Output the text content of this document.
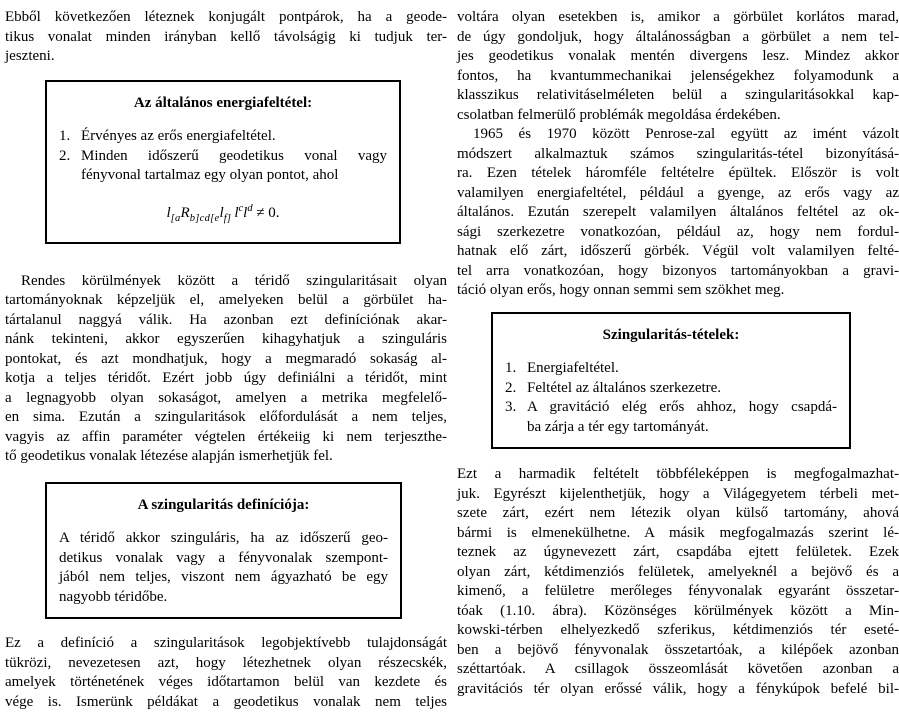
Ebből következően léteznek konjugált pontpárok, ha a geode-
tikus vonalat minden irányban kellő távolságig ki tudjuk ter-
jeszteni.
Az általános energiafeltétel:
1. Érvényes az erős energiafeltétel.
2. Minden időszerű geodetikus vonal vagy
fényvonal tartalmaz egy olyan pontot, ahol
$l_{[a}R_{b]cd[e}l_{f]}$  $l^cl^d \ne 0$.
Rendes körülmények között a téridő szingularitásait olyan
tartományoknak képzeljük el, amelyeken belül a görbület ha-
tártalanul naggyá válik. Ha azonban ezt definíciónak akar-
nánk tekinteni, akkor egyszerűen kihagyhatjuk a szinguláris
pontokat, és azt mondhatjuk, hogy a megmaradó sokaság al-
kotja a teljes téridőt. Ezért jobb úgy definiálni a téridőt, mint
a legnagyobb olyan sokaságot, amelyen a metrika megfelelő-
en sima. Ezután a szingularitások előfordulását a nem teljes,
vagyis az affin paraméter végtelen értékeiig ki nem terjeszthe-
tő geodetikus vonalak létezése alapján ismerhetjük fel.
A szingularitás definíciója:
A téridő akkor szinguláris, ha az időszerű geo-
detikus vonalak vagy a fényvonalak szempont-
jából nem teljes, viszont nem ágyazható be egy
nagyobb téridőbe.
Ez a definíció a szingularitások legobjektívebb tulajdonságát
tükrözi, nevezetesen azt, hogy létezhetnek olyan részecskék,
amelyek történetének véges időtartamon belül van kezdete és
vége is. Ismerünk példákat a geodetikus vonalak nem teljes
voltára olyan esetekben is, amikor a görbület korlátos marad,
de úgy gondoljuk, hogy általánosságban a görbület a nem tel-
jes geodetikus vonalak mentén divergens lesz. Mindez akkor
fontos, ha kvantummechanikai jelenségekhez folyamodunk a
klasszikus relativitáselméleten belül a szingularitásokkal kap-
csolatban felmerülő problémák megoldása érdekében.
1965 és 1970 között Penrose-zal együtt az imént vázolt
módszert alkalmaztuk számos szingularitás-tétel bizonyításá-
ra. Ezen tételek háromféle feltételre épültek. Először is volt
valamilyen energiafeltétel, például a gyenge, az erős vagy az
általános. Ezután szerepelt valamilyen általános feltétel az ok-
sági szerkezetre vonatkozóan, például az, hogy nem fordul-
hatnak elő zárt, időszerű görbék. Végül volt valamilyen felté-
tel arra vonatkozóan, hogy bizonyos tartományokban a gravi-
táció olyan erős, hogy onnan semmi sem szökhet meg.
Szingularitás-tételek:
1. Energiafeltétel.
2. Feltétel az általános szerkezetre.
3. A gravitáció elég erős ahhoz, hogy csapdá-
ba zárja a tér egy tartományát.
Ezt a harmadik feltételt többféleképpen is megfogalmazhat-
juk. Egyrészt kijelenthetjük, hogy a Világegyetem térbeli met-
szete zárt, ezért nem létezik olyan külső tartomány, ahová
bármi is elmenekülhetne. A másik megfogalmazás szerint lé-
teznek az úgynevezett zárt, csapdába ejtett felületek. Ezek
olyan zárt, kétdimenziós felületek, amelyeknél a bejövő és a
kimenő, a felületre merőleges fényvonalak egyaránt összetar-
tóak (1.10. ábra). Közönséges körülmények között a Min-
kowski-térben elhelyezkedő szferikus, kétdimenziós tér eseté-
ben a bejövő fényvonalak összetartóak, a kilépőek azonban
széttartóak. A csillagok összeomlását követően azonban a
gravitációs tér olyan erőssé válik, hogy a fénykúpok befelé bil-
